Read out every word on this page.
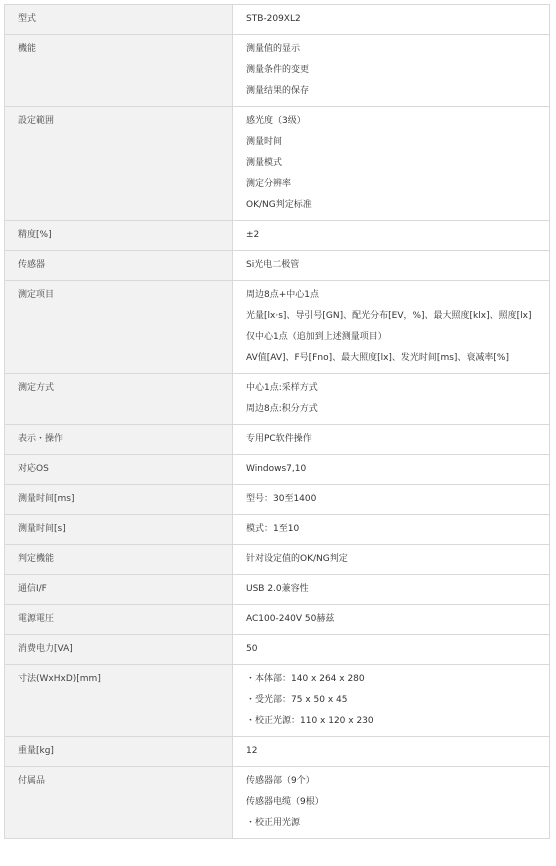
型式	STB-209XL2

機能	测量值的显示
测量条件的变更
测量结果的保存

設定範囲	感光度（3级）
测量时间
测量模式
测定分辨率
OK/NG判定标准

精度[%]	±2

传感器	Si光电二极管

测定项目	周边8点+中心1点
光量[lx·s]、导引号[GN]、配光分布[EV，%]、最大照度[klx]、照度[lx]
仅中心1点（追加到上述测量项目）
AV值[AV]、F号[Fno]、最大照度[lx]、发光时间[ms]、衰减率[%]

测定方式	中心1点:采样方式
周边8点:积分方式

表示・操作	专用PC软件操作

对応OS	Windows7,10

测量时间[ms]	型号：30至1400

测量时间[s]	模式：1至10

判定機能	针对设定值的OK/NG判定

通信I/F	USB 2.0兼容性

電源電圧	AC100-240V 50赫兹

消费电力[VA]	50

寸法(WxHxD)[mm]	・本体部：140 x 264 x 280
・受光部：75 x 50 x 45
・校正光源：110 x 120 x 230

重量[kg]	12

付属品	传感器部（9个）
传感器电缆（9根）
・校正用光源
